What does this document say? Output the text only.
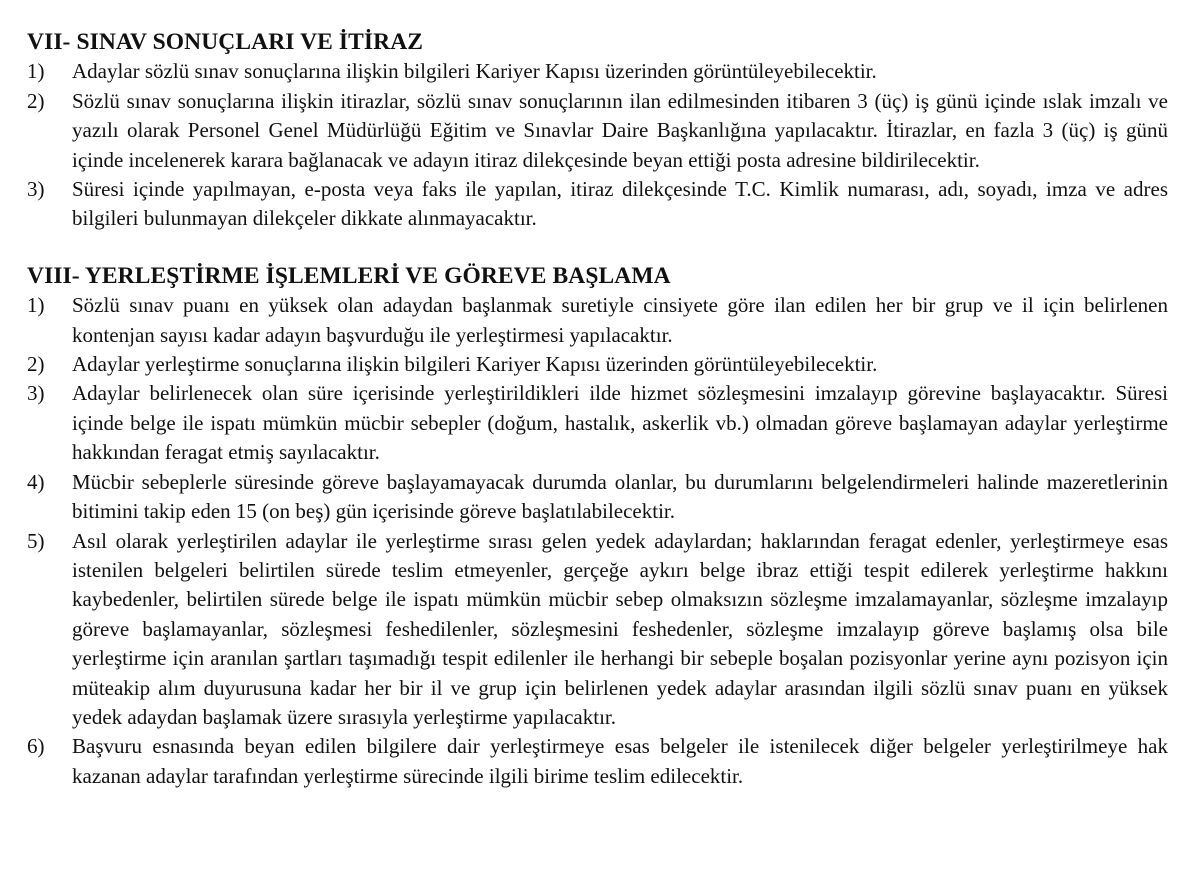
VII- SINAV SONUÇLARI VE İTİRAZ
1)	Adaylar sözlü sınav sonuçlarına ilişkin bilgileri Kariyer Kapısı üzerinden görüntüleyebilecektir.

2)	Sözlü sınav sonuçlarına ilişkin itirazlar, sözlü sınav sonuçlarının ilan edilmesinden itibaren 3 (üç) iş günü içinde ıslak imzalı ve yazılı olarak Personel Genel Müdürlüğü Eğitim ve Sınavlar Daire Başkanlığına yapılacaktır. İtirazlar, en fazla 3 (üç) iş günü içinde incelenerek karara bağlanacak ve adayın itiraz dilekçesinde beyan ettiği posta adresine bildirilecektir.

3)	Süresi içinde yapılmayan, e-posta veya faks ile yapılan, itiraz dilekçesinde T.C. Kimlik numarası, adı, soyadı, imza ve adres bilgileri bulunmayan dilekçeler dikkate alınmayacaktır.

VIII- YERLEŞTİRME İŞLEMLERİ VE GÖREVE BAŞLAMA
1)	Sözlü sınav puanı en yüksek olan adaydan başlanmak suretiyle cinsiyete göre ilan edilen her bir grup ve il için belirlenen kontenjan sayısı kadar adayın başvurduğu ile yerleştirmesi yapılacaktır.

2)	Adaylar yerleştirme sonuçlarına ilişkin bilgileri Kariyer Kapısı üzerinden görüntüleyebilecektir.

3)	Adaylar belirlenecek olan süre içerisinde yerleştirildikleri ilde hizmet sözleşmesini imzalayıp görevine başlayacaktır. Süresi içinde belge ile ispatı mümkün mücbir sebepler (doğum, hastalık, askerlik vb.) olmadan göreve başlamayan adaylar yerleştirme hakkından feragat etmiş sayılacaktır.

4)	Mücbir sebeplerle süresinde göreve başlayamayacak durumda olanlar, bu durumlarını belgelendirmeleri halinde mazeretlerinin bitimini takip eden 15 (on beş) gün içerisinde göreve başlatılabilecektir.

5)	Asıl olarak yerleştirilen adaylar ile yerleştirme sırası gelen yedek adaylardan; haklarından feragat edenler, yerleştirmeye esas istenilen belgeleri belirtilen sürede teslim etmeyenler, gerçeğe aykırı belge ibraz ettiği tespit edilerek yerleştirme hakkını kaybedenler, belirtilen sürede belge ile ispatı mümkün mücbir sebep olmaksızın sözleşme imzalamayanlar, sözleşme imzalayıp göreve başlamayanlar, sözleşmesi feshedilenler, sözleşmesini feshedenler, sözleşme imzalayıp göreve başlamış olsa bile yerleştirme için aranılan şartları taşımadığı tespit edilenler ile herhangi bir sebeple boşalan pozisyonlar yerine aynı pozisyon için müteakip alım duyurusuna kadar her bir il ve grup için belirlenen yedek adaylar arasından ilgili sözlü sınav puanı en yüksek yedek adaydan başlamak üzere sırasıyla yerleştirme yapılacaktır.

6)	Başvuru esnasında beyan edilen bilgilere dair yerleştirmeye esas belgeler ile istenilecek diğer belgeler yerleştirilmeye hak kazanan adaylar tarafından yerleştirme sürecinde ilgili birime teslim edilecektir.
